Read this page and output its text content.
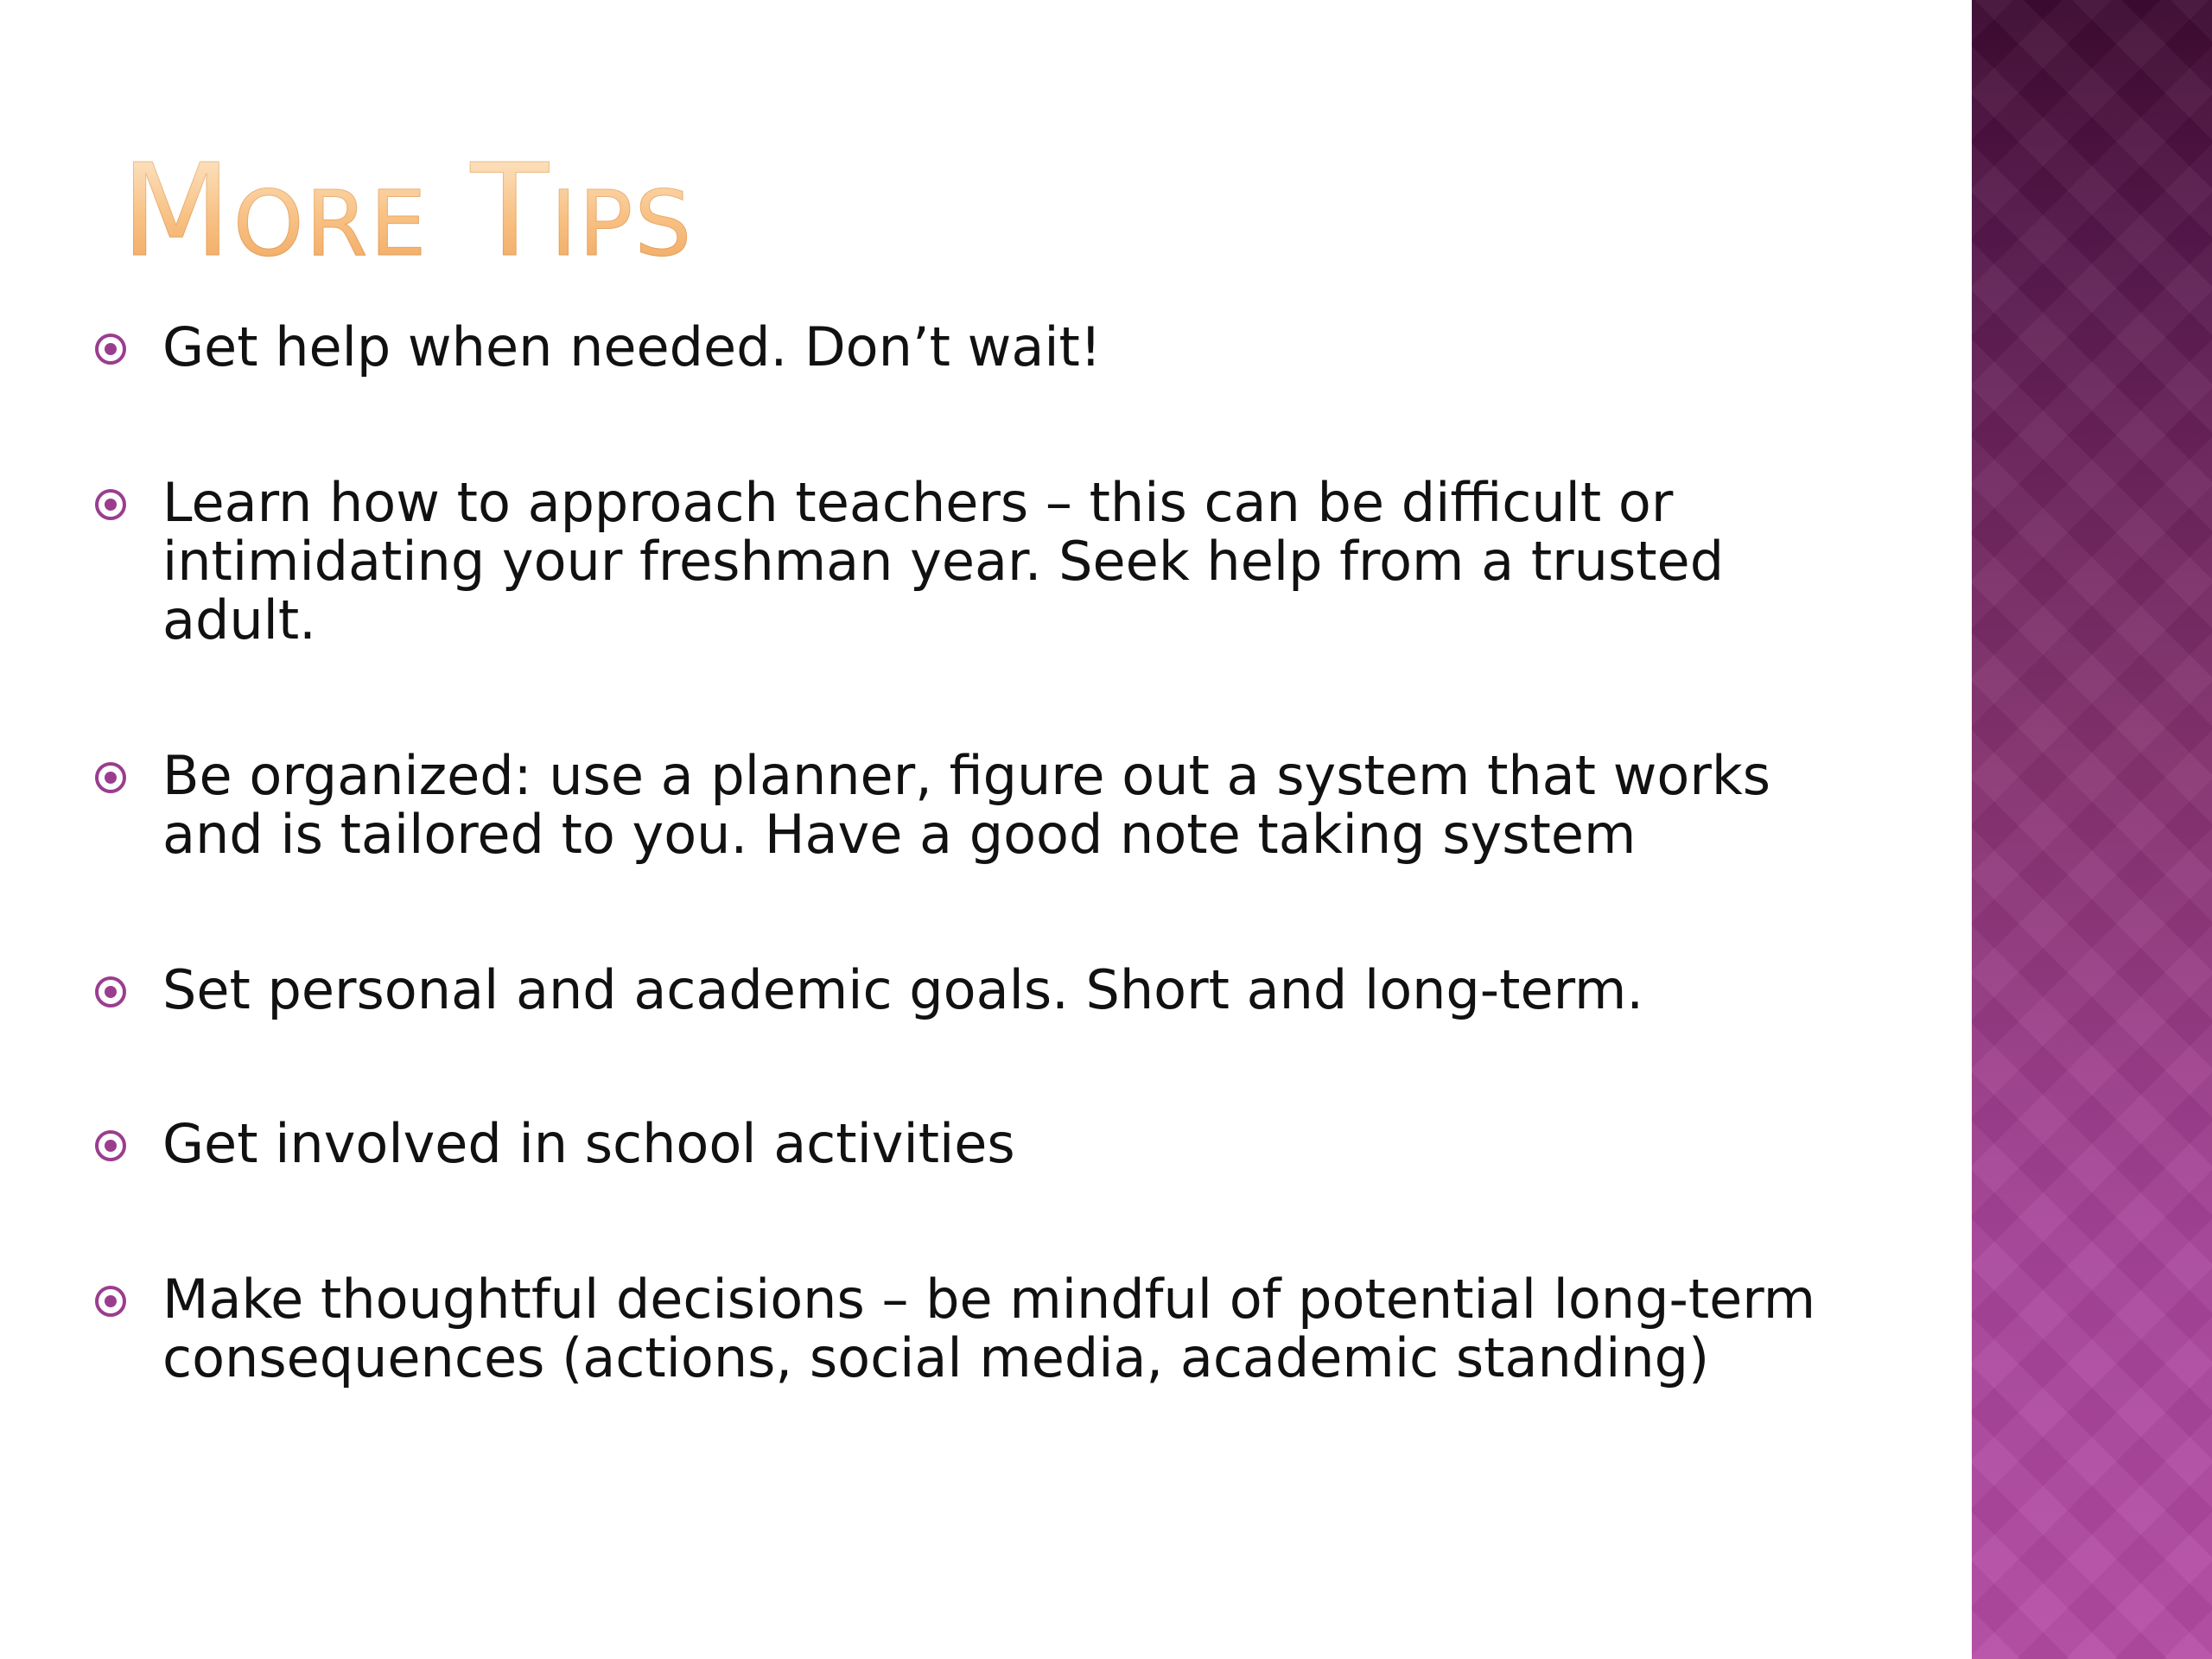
More Tips
Get help when needed. Don’t wait!
Learn how to approach teachers – this can be difficult or intimidating your freshman year. Seek help from a trusted adult.
Be organized: use a planner, figure out a system that works and is tailored to you. Have a good note taking system
Set personal and academic goals. Short and long-term.
Get involved in school activities
Make thoughtful decisions – be mindful of potential long-term consequences (actions, social media, academic standing)
